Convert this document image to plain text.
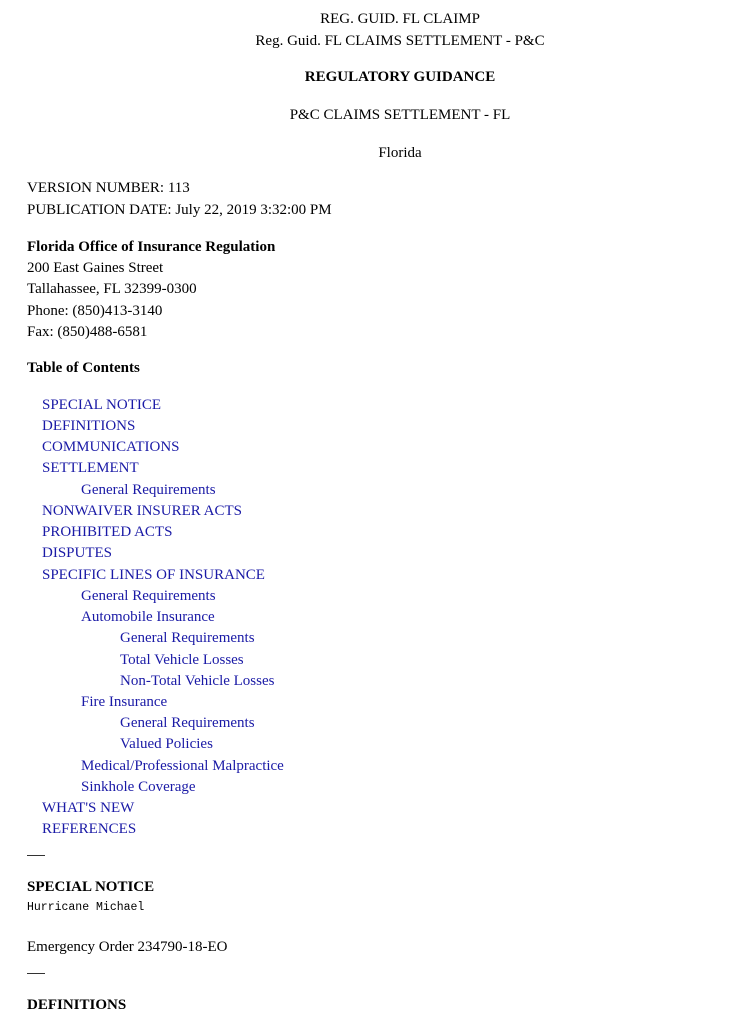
REG. GUID. FL CLAIMP
Reg. Guid. FL CLAIMS SETTLEMENT - P&C
REGULATORY GUIDANCE
P&C CLAIMS SETTLEMENT - FL
Florida
VERSION NUMBER: 113
PUBLICATION DATE: July 22, 2019 3:32:00 PM
Florida Office of Insurance Regulation
200 East Gaines Street
Tallahassee, FL 32399-0300
Phone: (850)413-3140
Fax: (850)488-6581
Table of Contents
SPECIAL NOTICE
DEFINITIONS
COMMUNICATIONS
SETTLEMENT
General Requirements
NONWAIVER INSURER ACTS
PROHIBITED ACTS
DISPUTES
SPECIFIC LINES OF INSURANCE
General Requirements
Automobile Insurance
General Requirements
Total Vehicle Losses
Non-Total Vehicle Losses
Fire Insurance
General Requirements
Valued Policies
Medical/Professional Malpractice
Sinkhole Coverage
WHAT'S NEW
REFERENCES
SPECIAL NOTICE
Hurricane Michael
Emergency Order 234790-18-EO
DEFINITIONS
